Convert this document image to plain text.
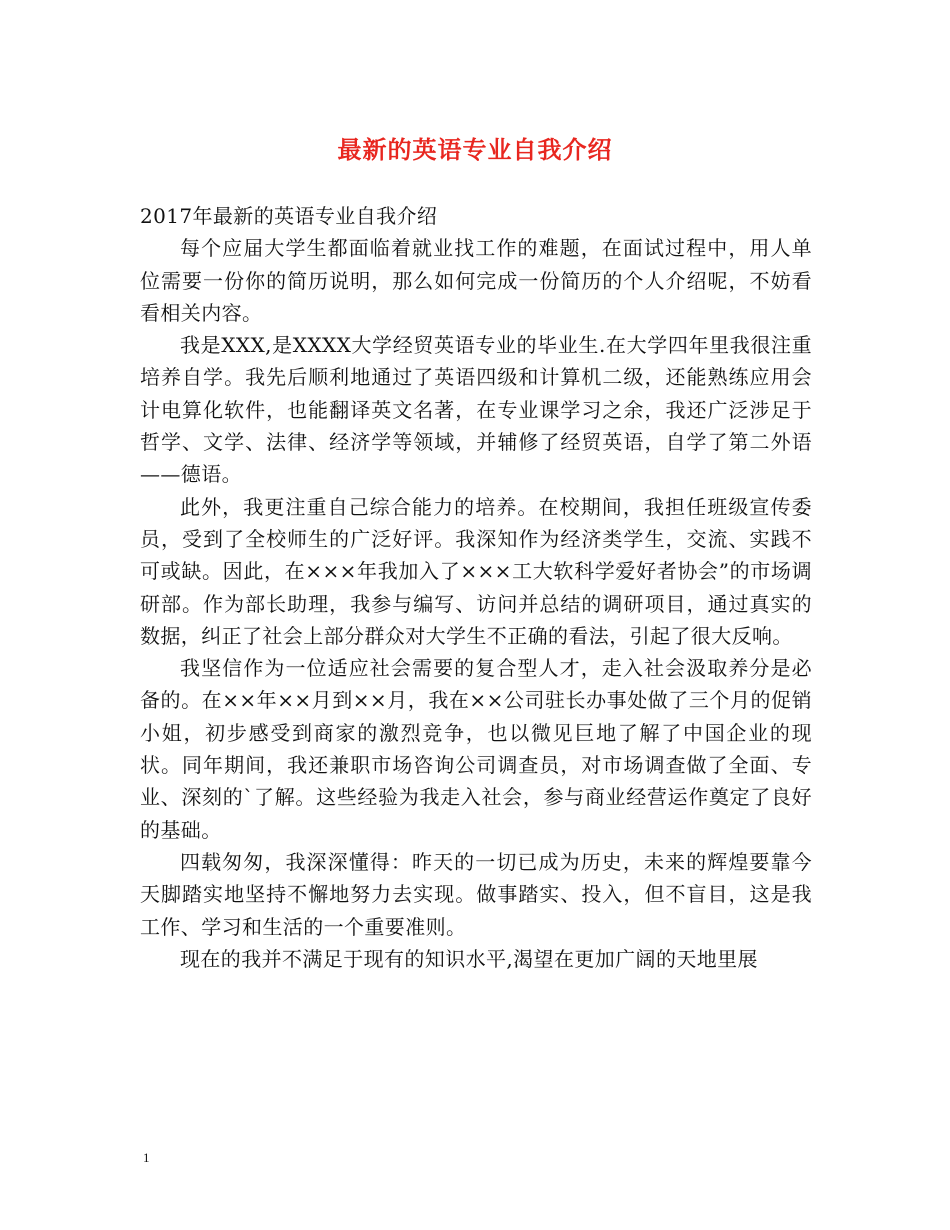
最新的英语专业自我介绍

2017年最新的英语专业自我介绍

每个应届大学生都面临着就业找工作的难题，在面试过程中，用人单位需要一份你的简历说明，那么如何完成一份简历的个人介绍呢，不妨看看相关内容。

我是XXX,是XXXX大学经贸英语专业的毕业生.在大学四年里我很注重培养自学。我先后顺利地通过了英语四级和计算机二级，还能熟练应用会计电算化软件，也能翻译英文名著，在专业课学习之余，我还广泛涉足于哲学、文学、法律、经济学等领域，并辅修了经贸英语，自学了第二外语——德语。

此外，我更注重自己综合能力的培养。在校期间，我担任班级宣传委员，受到了全校师生的广泛好评。我深知作为经济类学生，交流、实践不可或缺。因此，在×××年我加入了×××工大软科学爱好者协会”的市场调研部。作为部长助理，我参与编写、访问并总结的调研项目，通过真实的数据，纠正了社会上部分群众对大学生不正确的看法，引起了很大反响。

我坚信作为一位适应社会需要的复合型人才，走入社会汲取养分是必备的。在××年××月到××月，我在××公司驻长办事处做了三个月的促销小姐，初步感受到商家的激烈竞争，也以微见巨地了解了中国企业的现状。同年期间，我还兼职市场咨询公司调查员，对市场调查做了全面、专业、深刻的`了解。这些经验为我走入社会，参与商业经营运作奠定了良好的基础。

四载匆匆，我深深懂得：昨天的一切已成为历史，未来的辉煌要靠今天脚踏实地坚持不懈地努力去实现。做事踏实、投入，但不盲目，这是我工作、学习和生活的一个重要准则。

现在的我并不满足于现有的知识水平,渴望在更加广阔的天地里展

1
